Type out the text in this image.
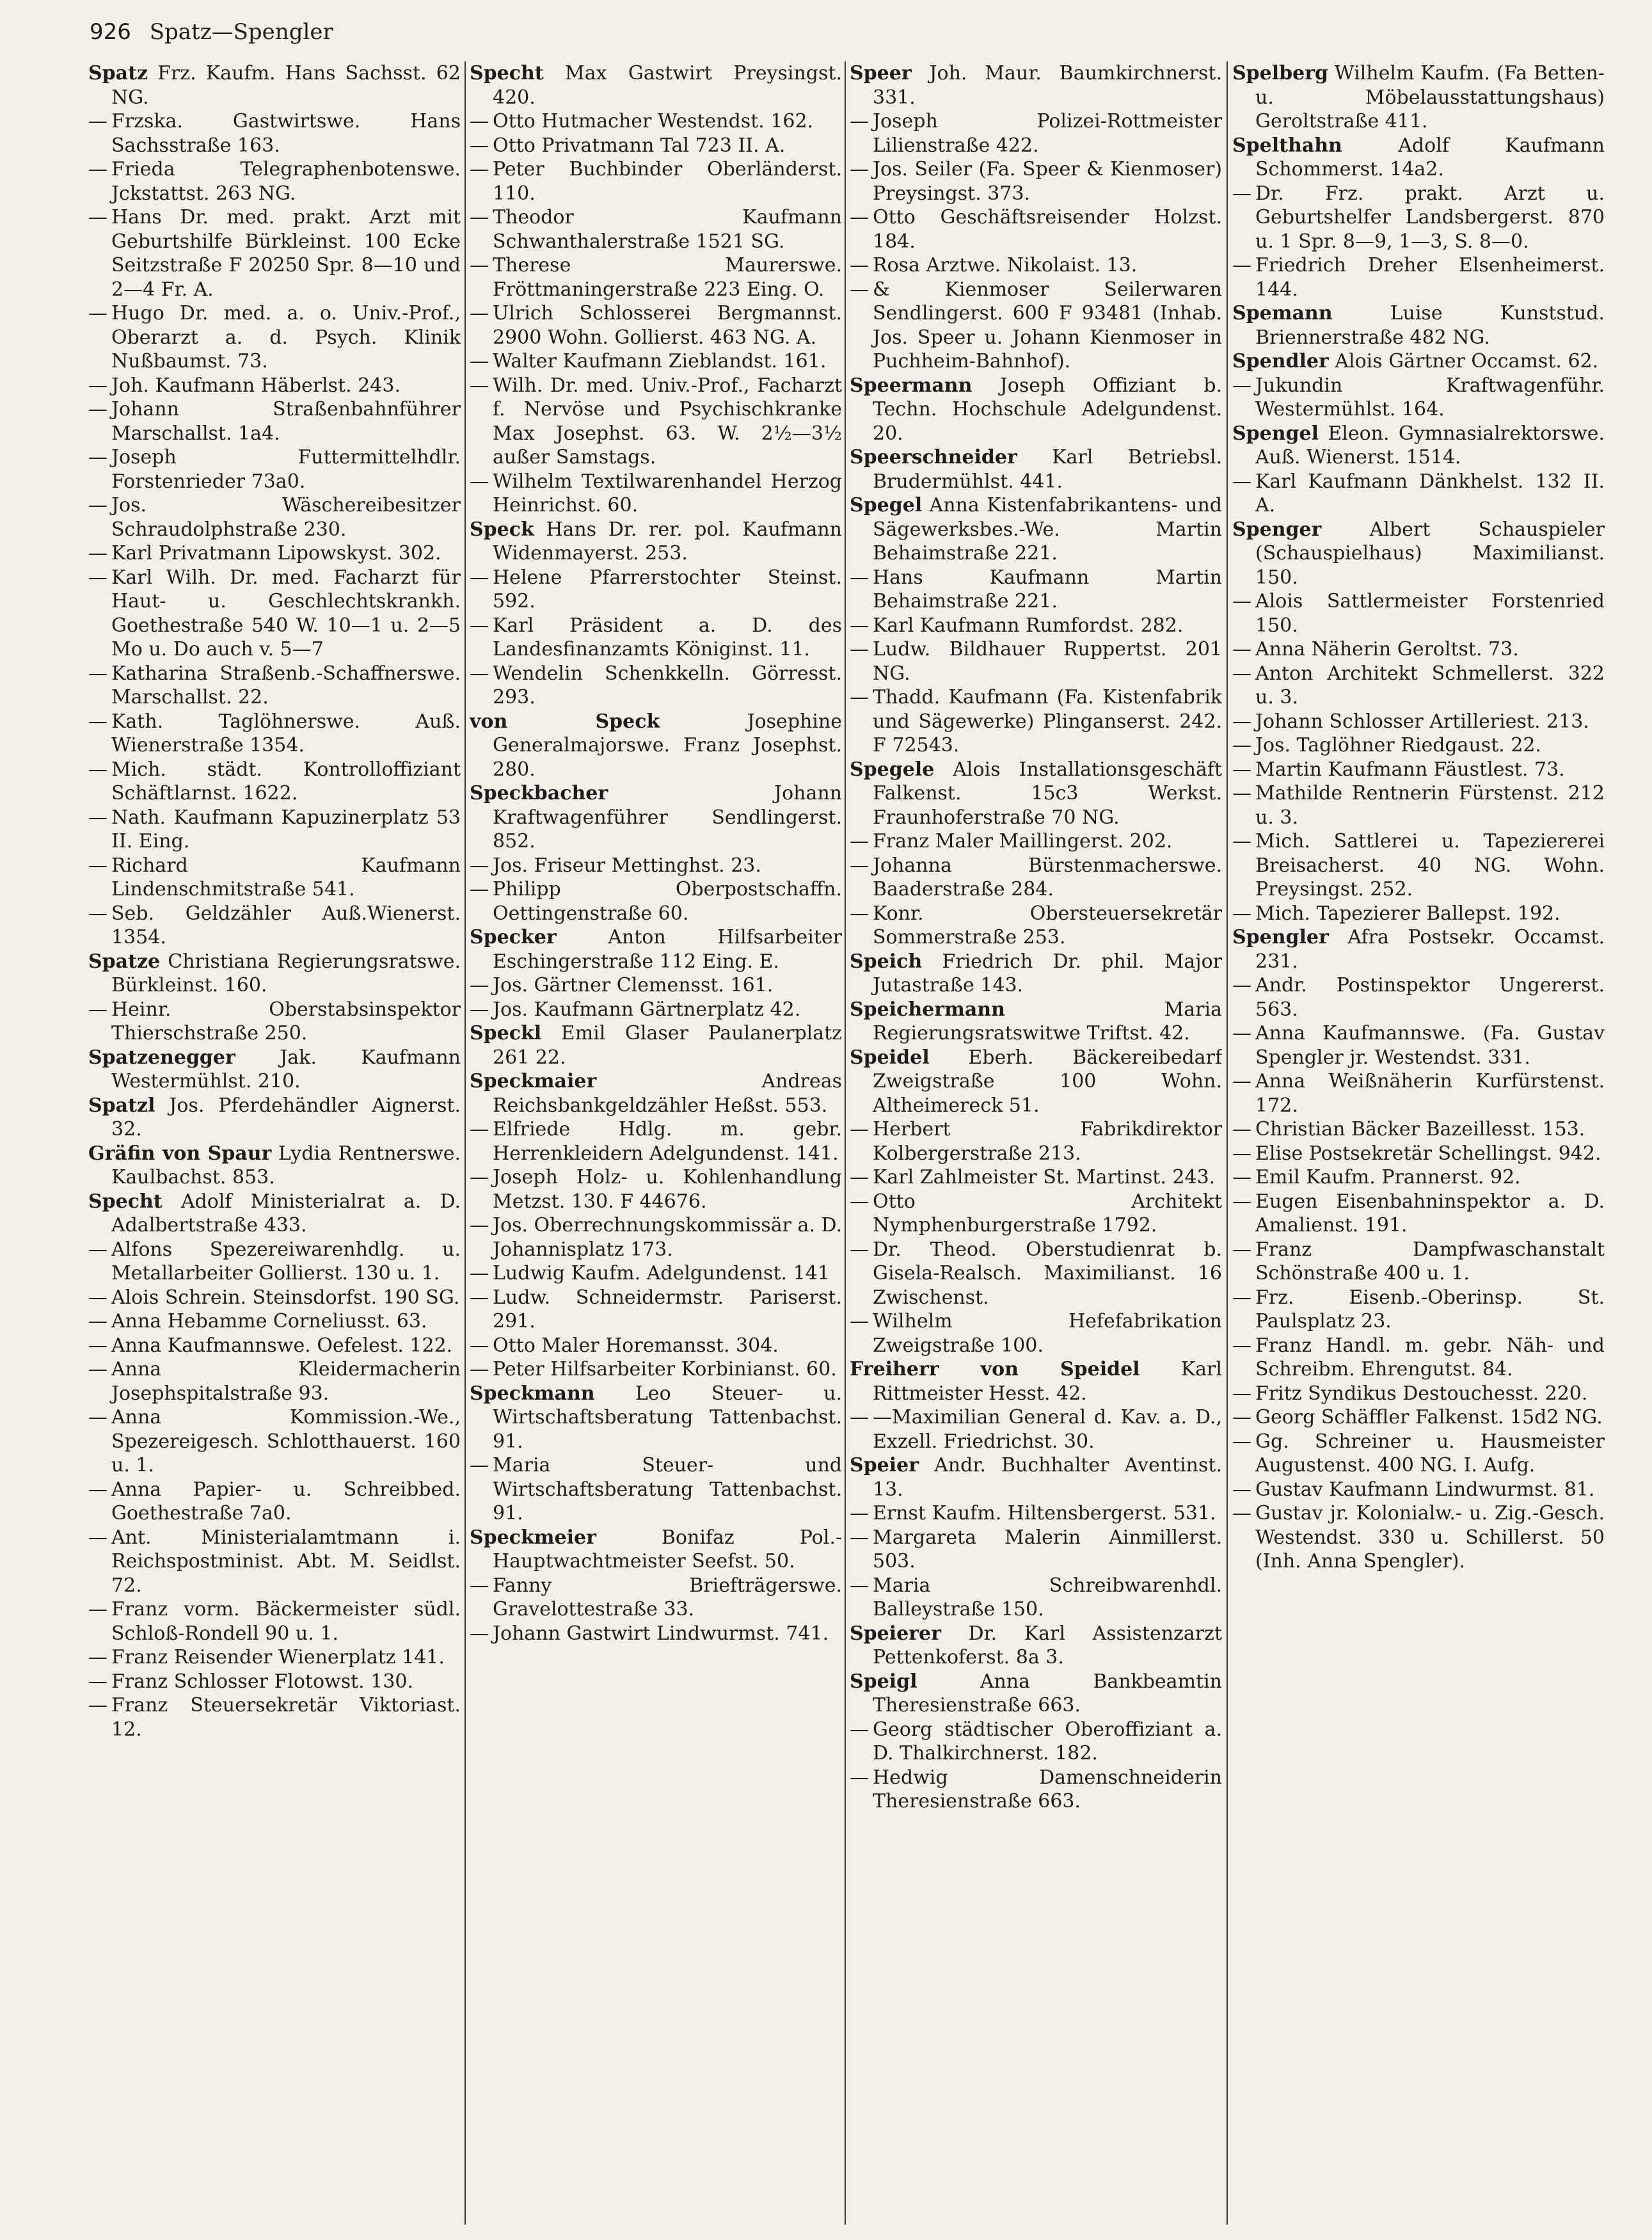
926 Spatz—Spengler

Spatz Frz. Kaufm. Hans Sachsst. 62 NG.

—Frzska. Gastwirtswe. Hans Sachsstraße 163.

—Frieda Telegraphenbotenswe. Jckstattst. 263 NG.

—Hans Dr. med. prakt. Arzt mit Geburtshilfe Bürkleinst. 100 Ecke Seitzstraße F 20250 Spr. 8—10 und 2—4 Fr. A.

—Hugo Dr. med. a. o. Univ.-Prof., Oberarzt a. d. Psych. Klinik Nußbaumst. 73.

—Joh. Kaufmann Häberlst. 243.

—Johann Straßenbahnführer Marschallst. 1a4.

—Joseph Futtermittelhdlr. Forstenrieder 73a0.

—Jos. Wäschereibesitzer Schraudolphstraße 230.

—Karl Privatmann Lipowskyst. 302.

—Karl Wilh. Dr. med. Facharzt für Haut- u. Geschlechtskrankh. Goethestraße 540 W. 10—1 u. 2—5 Mo u. Do auch v. 5—7

—Katharina Straßenb.-Schaffnerswe. Marschallst. 22.

—Kath. Taglöhnerswe. Auß. Wienerstraße 1354.

—Mich. städt. Kontrolloffiziant Schäftlarnst. 1622.

—Nath. Kaufmann Kapuzinerplatz 53 II. Eing.

—Richard Kaufmann Lindenschmitstraße 541.

—Seb. Geldzähler Auß.Wienerst. 1354.

Spatze Christiana Regierungsratswe. Bürkleinst. 160.

—Heinr. Oberstabsinspektor Thierschstraße 250.

Spatzenegger Jak. Kaufmann Westermühlst. 210.

Spatzl Jos. Pferdehändler Aignerst. 32.

Gräfin von Spaur Lydia Rentnerswe. Kaulbachst. 853.

Specht Adolf Ministerialrat a. D. Adalbertstraße 433.

—Alfons Spezereiwarenhdlg. u. Metallarbeiter Gollierst. 130 u. 1.

—Alois Schrein. Steinsdorfst. 190 SG.

—Anna Hebamme Corneliusst. 63.

—Anna Kaufmannswe. Oefelest. 122.

—Anna Kleidermacherin Josephspitalstraße 93.

—Anna Kommission.-We., Spezereigesch. Schlotthauerst. 160 u. 1.

—Anna Papier- u. Schreibbed. Goethestraße 7a0.

—Ant. Ministerialamtmann i. Reichspostminist. Abt. M. Seidlst. 72.

—Franz vorm. Bäckermeister südl. Schloß-Rondell 90 u. 1.

—Franz Reisender Wienerplatz 141.

—Franz Schlosser Flotowst. 130.

—Franz Steuersekretär Viktoriast. 12.

Specht Max Gastwirt Preysingst. 420.

—Otto Hutmacher Westendst. 162.

—Otto Privatmann Tal 723 II. A.

—Peter Buchbinder Oberländerst. 110.

—Theodor Kaufmann Schwanthalerstraße 1521 SG.

—Therese Maurerswe. Fröttmaningerstraße 223 Eing. O.

—Ulrich Schlosserei Bergmannst. 2900 Wohn. Gollierst. 463 NG. A.

—Walter Kaufmann Zieblandst. 161.

—Wilh. Dr. med. Univ.-Prof., Facharzt f. Nervöse und Psychischkranke Max Josephst. 63. W. 2½—3½ außer Samstags.

—Wilhelm Textilwarenhandel Herzog Heinrichst. 60.

Speck Hans Dr. rer. pol. Kaufmann Widenmayerst. 253.

—Helene Pfarrerstochter Steinst. 592.

—Karl Präsident a. D. des Landesfinanzamts Königinst. 11.

—Wendelin Schenkkelln. Görresst. 293.

von Speck Josephine Generalmajorswe. Franz Josephst. 280.

Speckbacher Johann Kraftwagenführer Sendlingerst. 852.

—Jos. Friseur Mettinghst. 23.

—Philipp Oberpostschaffn. Oettingenstraße 60.

Specker Anton Hilfsarbeiter Eschingerstraße 112 Eing. E.

—Jos. Gärtner Clemensst. 161.

—Jos. Kaufmann Gärtnerplatz 42.

Speckl Emil Glaser Paulanerplatz 261 22.

Speckmaier Andreas Reichsbankgeldzähler Heßst. 553.

—Elfriede Hdlg. m. gebr. Herrenkleidern Adelgundenst. 141.

—Joseph Holz- u. Kohlenhandlung Metzst. 130. F 44676.

—Jos. Oberrechnungskommissär a. D. Johannisplatz 173.

—Ludwig Kaufm. Adelgundenst. 141

—Ludw. Schneidermstr. Pariserst. 291.

—Otto Maler Horemansst. 304.

—Peter Hilfsarbeiter Korbinianst. 60.

Speckmann Leo Steuer- u. Wirtschaftsberatung Tattenbachst. 91.

—Maria Steuer- und Wirtschaftsberatung Tattenbachst. 91.

Speckmeier Bonifaz Pol.-Hauptwachtmeister Seefst. 50.

—Fanny Briefträgerswe. Gravelottestraße 33.

—Johann Gastwirt Lindwurmst. 741.

Speer Joh. Maur. Baumkirchnerst. 331.

—Joseph Polizei-Rottmeister Lilienstraße 422.

—Jos. Seiler (Fa. Speer & Kienmoser) Preysingst. 373.

—Otto Geschäftsreisender Holzst. 184.

—Rosa Arztwe. Nikolaist. 13.

—& Kienmoser Seilerwaren Sendlingerst. 600 F 93481 (Inhab. Jos. Speer u. Johann Kienmoser in Puchheim-Bahnhof).

Speermann Joseph Offiziant b. Techn. Hochschule Adelgundenst. 20.

Speerschneider Karl Betriebsl. Brudermühlst. 441.

Spegel Anna Kistenfabrikantens- und Sägewerksbes.-We. Martin Behaimstraße 221.

—Hans Kaufmann Martin Behaimstraße 221.

—Karl Kaufmann Rumfordst. 282.

—Ludw. Bildhauer Ruppertst. 201 NG.

—Thadd. Kaufmann (Fa. Kistenfabrik und Sägewerke) Plinganserst. 242. F 72543.

Spegele Alois Installationsgeschäft Falkenst. 15c3 Werkst. Fraunhoferstraße 70 NG.

—Franz Maler Maillingerst. 202.

—Johanna Bürstenmacherswe. Baaderstraße 284.

—Konr. Obersteuersekretär Sommerstraße 253.

Speich Friedrich Dr. phil. Major Jutastraße 143.

Speichermann Maria Regierungsratswitwe Triftst. 42.

Speidel Eberh. Bäckereibedarf Zweigstraße 100 Wohn. Altheimereck 51.

—Herbert Fabrikdirektor Kolbergerstraße 213.

—Karl Zahlmeister St. Martinst. 243.

—Otto Architekt Nymphenburgerstraße 1792.

—Dr. Theod. Oberstudienrat b. Gisela-Realsch. Maximilianst. 16 Zwischenst.

—Wilhelm Hefefabrikation Zweigstraße 100.

Freiherr von Speidel Karl Rittmeister Hesst. 42.

——Maximilian General d. Kav. a. D., Exzell. Friedrichst. 30.

Speier Andr. Buchhalter Aventinst. 13.

—Ernst Kaufm. Hiltensbergerst. 531.

—Margareta Malerin Ainmillerst. 503.

—Maria Schreibwarenhdl. Balleystraße 150.

Speierer Dr. Karl Assistenzarzt Pettenkoferst. 8a 3.

Speigl Anna Bankbeamtin Theresienstraße 663.

—Georg städtischer Oberoffiziant a. D. Thalkirchnerst. 182.

—Hedwig Damenschneiderin Theresienstraße 663.

Spelberg Wilhelm Kaufm. (Fa Betten- u. Möbelausstattungshaus) Geroltstraße 411.

Spelthahn Adolf Kaufmann Schommerst. 14a2.

—Dr. Frz. prakt. Arzt u. Geburtshelfer Landsbergerst. 870 u. 1 Spr. 8—9, 1—3, S. 8—0.

—Friedrich Dreher Elsenheimerst. 144.

Spemann Luise Kunststud. Briennerstraße 482 NG.

Spendler Alois Gärtner Occamst. 62.

—Jukundin Kraftwagenführ. Westermühlst. 164.

Spengel Eleon. Gymnasialrektorswe. Auß. Wienerst. 1514.

—Karl Kaufmann Dänkhelst. 132 II. A.

Spenger Albert Schauspieler (Schauspielhaus) Maximilianst. 150.

—Alois Sattlermeister Forstenried 150.

—Anna Näherin Geroltst. 73.

—Anton Architekt Schmellerst. 322 u. 3.

—Johann Schlosser Artilleriest. 213.

—Jos. Taglöhner Riedgaust. 22.

—Martin Kaufmann Fäustlest. 73.

—Mathilde Rentnerin Fürstenst. 212 u. 3.

—Mich. Sattlerei u. Tapeziererei Breisacherst. 40 NG. Wohn. Preysingst. 252.

—Mich. Tapezierer Ballepst. 192.

Spengler Afra Postsekr. Occamst. 231.

—Andr. Postinspektor Ungererst. 563.

—Anna Kaufmannswe. (Fa. Gustav Spengler jr. Westendst. 331.

—Anna Weißnäherin Kurfürstenst. 172.

—Christian Bäcker Bazeillesst. 153.

—Elise Postsekretär Schellingst. 942.

—Emil Kaufm. Prannerst. 92.

—Eugen Eisenbahninspektor a. D. Amalienst. 191.

—Franz Dampfwaschanstalt Schönstraße 400 u. 1.

—Frz. Eisenb.-Oberinsp. St. Paulsplatz 23.

—Franz Handl. m. gebr. Näh- und Schreibm. Ehrengutst. 84.

—Fritz Syndikus Destouchesst. 220.

—Georg Schäffler Falkenst. 15d2 NG.

—Gg. Schreiner u. Hausmeister Augustenst. 400 NG. I. Aufg.

—Gustav Kaufmann Lindwurmst. 81.

—Gustav jr. Kolonialw.- u. Zig.-Gesch. Westendst. 330 u. Schillerst. 50 (Inh. Anna Spengler).
